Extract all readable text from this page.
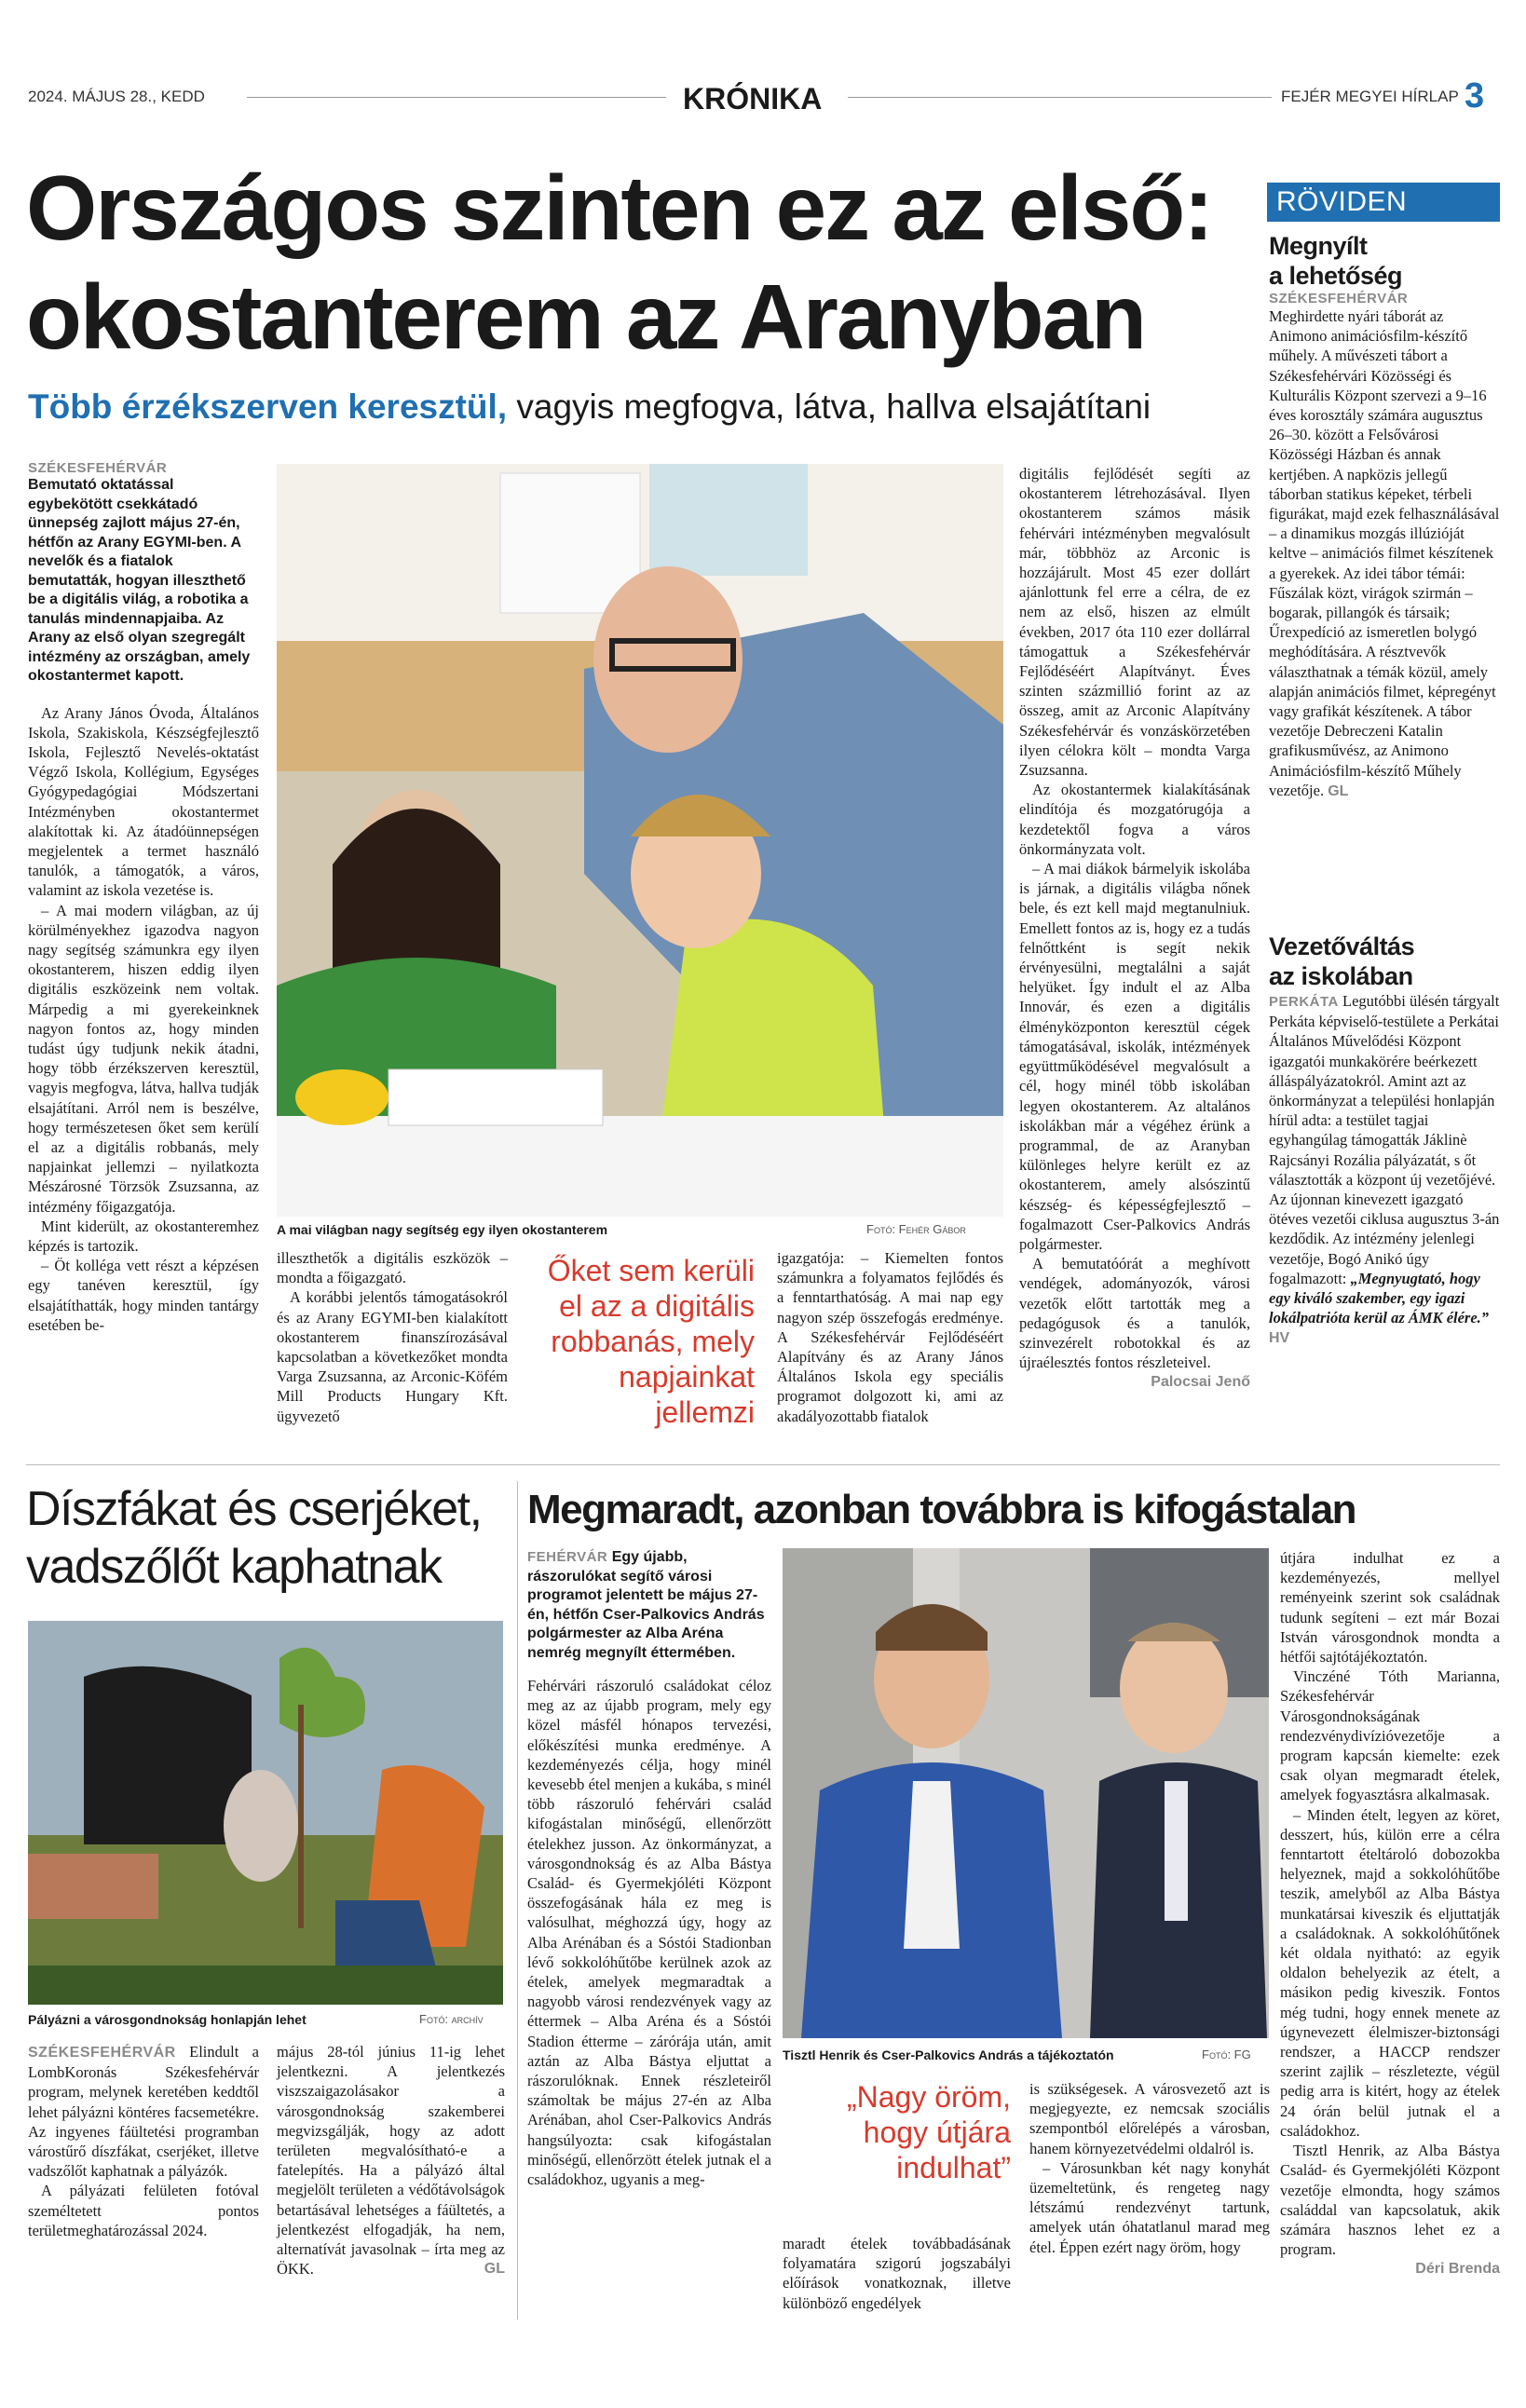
2024. MÁJUS 28., KEDD	KRÓNIKA	FEJÉR MEGYEI HÍRLAP 3
Országos szinten ez az első:
okostanterem az Aranyban
Több érzékszerven keresztül, vagyis megfogva, látva, hallva elsajátítani
SZÉKESFEHÉRVÁR
Bemutató oktatással egybekötött csekkátadó ünnepség zajlott május 27-én, hétfőn az Arany EGYMI-ben. A nevelők és a fiatalok bemutatták, hogyan illeszthető be a digitális világ, a robotika a tanulás mindennapjaiba. Az Arany az első olyan szegregált intézmény az országban, amely okostantermet kapott.

Az Arany János Óvoda, Általános Iskola, Szakiskola, Készségfejlesztő Iskola, Fejlesztő Nevelés-oktatást Végző Iskola, Kollégium, Egységes Gyógypedagógiai Módszertani Intézményben okostantermet alakítottak ki. Az átadóünnepségen megjelentek a termet használó tanulók, a támogatók, a város, valamint az iskola vezetése is.

– A mai modern világban, az új körülményekhez igazodva nagyon nagy segítség számunkra egy ilyen okostanterem, hiszen eddig ilyen digitális eszközeink nem voltak. Márpedig a mi gyerekeinknek nagyon fontos az, hogy minden tudást úgy tudjunk nekik átadni, hogy több érzékszerven keresztül, vagyis megfogva, látva, hallva tudják elsajátítani. Arról nem is beszélve, hogy természetesen őket sem kerülí el az a digitális robbanás, mely napjainkat jellemzi – nyilatkozta Mészárosné Törzsök Zsuzsanna, az intézmény főigazgatója.

Mint kiderült, az okostanteremhez képzés is tartozik.

– Öt kollégа vett részt a képzésen egy tanéven keresztül, így elsajátíthatták, hogy minden tantárgy esetében be-

A mai világban nagy segítség egy ilyen okostanterem	Fotó: Fehér Gábor

illeszthetők a digitális eszközök – mondta a főigazgató.

A korábbi jelentős támogatásokról és az Arany EGYMI-ben kialakított okostanterem finanszírozásával kapcsolatban a következőket mondta Varga Zsuzsanna, az Arconic-Köfém Mill Products Hungary Kft. ügyvezető

Őket sem kerüli el az a digitális robbanás, mely napjainkat jellemzi

igazgatója: – Kiemelten fontos számunkra a folyamatos fejlődés és a fenntarthatóság. A mai nap egy nagyon szép összefogás eredménye. A Székesfehérvár Fejlődéséért Alapítvány és az Arany János Általános Iskola egy speciális programot dolgozott ki, ami az akadályozottabb fiatalok

digitális fejlődését segíti az okostanterem létrehozásával. Ilyen okostanterem számos másik fehérvári intézményben megvalósult már, többhöz az Arconic is hozzájárult. Most 45 ezer dollárt ajánlottunk fel erre a célra, de ez nem az első, hiszen az elmúlt években, 2017 óta 110 ezer dollárral támogattuk a Székesfehérvár Fejlődéséért Alapítványt. Éves szinten százmillió forint az az összeg, amit az Arconic Alapítvány Székesfehérvár és vonzáskörzetében ilyen célokra költ – mondta Varga Zsuzsanna.

Az okostantermek kialakításának elindítója és mozgatórugója a kezdetektől fogva a város önkormányzata volt.

– A mai diákok bármelyik iskolába is járnak, a digitális világba nőnek bele, és ezt kell majd megtanulniuk. Emellett fontos az is, hogy ez a tudás felnőttként is segít nekik érvényesülni, megtalálni a saját helyüket. Így indult el az Alba Innovár, és ezen a digitális élményközponton keresztül cégek támogatásával, iskolák, intézmények együttműködésével megvalósult a cél, hogy minél több iskolában legyen okostanterem. Az altalános iskolákban már a végéhez érünk a programmal, de az Aranyban különleges helyre került ez az okostanterem, amely alsószintű készség- és képességfejlesztő – fogalmazott Cser-Palkovics András polgármester.

A bemutatóórát a meghívott vendégek, adományozók, városi vezetők előtt tartották meg a pedagógusok és a tanulók, szinvezérelt robotokkal és az újraélesztés fontos részleteivel.

Palocsai Jenő
RÖVIDEN
Megnyílt
a lehetőség
SZÉKESFEHÉRVÁR
Meghirdette nyári táborát az Animono animációsfilm-készítő műhely. A művészeti tábort a Székesfehérvári Közösségi és Kulturális Központ szervezi a 9–16 éves korosztály számára augusztus 26–30. között a Felsővárosi Közösségi Házban és annak kertjében. A napközis jellegű táborban statikus képeket, térbeli figurákat, majd ezek felhasználásával – a dinamikus mozgás illúzióját keltve – animációs filmet készítenek a gyerekek. Az idei tábor témái: Fűszálak közt, virágok szirmán – bogarak, pillangók és társaik; Űrexpedíció az ismeretlen bolygó meghódítására. A résztvevők választhatnak a témák közül, amely alapján animációs filmet, képregényt vagy grafikát készítenek. A tábor vezetője Debreczeni Katalin grafikusművész, az Animono Animációsfilm-készítő Műhely vezetője. GL
Vezetőváltás
az iskolában
PERKÁTA Legutóbbi ülésén tárgyalt Perkáta képviselő-testülete a Perkátai Általános Művelődési Központ igazgatói munkakörére beérkezett álláspályázatokról. Amint azt az önkormányzat a települési honlapján hírül adta: a testület tagjai egyhangúlag támogatták Jáklinè Rajcsányi Rozália pályázatát, s őt választották a központ új vezetőjévé. Az újonnan kinevezett igazgató ötéves vezetői ciklusa augusztus 3-án kezdődik. Az intézmény jelenlegi vezetője, Bogó Anikó úgy fogalmazott: „Megnyugtató, hogy egy kiváló szakember, egy igazi lokálpatrióta kerül az ÁMK élére.” HV
Díszfákat és cserjéket,
vadszőlőt kaphatnak
Pályázni a városgondnokság honlapján lehet	Fotó: archív

SZÉKESFEHÉRVÁR Elindult a LombKoronás Székesfehérvár program, melynek keretében keddtől lehet pályázni köntéres facsemetékre. Az ingyenes fáültetési programban várostűrő díszfákat, cserjéket, illetve vadszőlőt kaphatnak a pályázók.

A pályázati felületen fotóval személtetett pontos területmeghatározással 2024.

május 28-tól június 11-ig lehet jelentkezni. A jelentkezés viszszaigazolásakor a városgondnokság szakemberei megvizsgálják, hogy az adott területen megvalósítható-e a fatelepítés. Ha a pályázó által megjelölt területen a védőtávolságok betartásával lehetséges a fáültetés, a jelentkezést elfogadják, ha nem, alternatívát javasolnak – írta meg az ÖKK.	GL

Megmaradt, azonban továbbra is kifogástalan
FEHÉRVÁR Egy újabb, rászorulókat segítő városi programot jelentett be május 27-én, hétfőn Cser-Palkovics András polgármester az Alba Aréna nemrég megnyílt éttermében.

Fehérvári rászoruló családokat céloz meg az az újabb program, mely egy közel másfél hónapos tervezési, előkészítési munka eredménye. A kezdeményezés célja, hogy minél kevesebb étel menjen a kukába, s minél több rászoruló fehérvári család kifogástalan minőségű, ellenőrzött ételekhez jusson. Az önkormányzat, a városgondnokság és az Alba Bástya Család- és Gyermekjóléti Központ összefogásának hála ez meg is valósulhat, méghozzá úgy, hogy az Alba Arénában és a Sóstói Stadionban lévő sokkolóhűtőbe kerülnek azok az ételek, amelyek megmaradtak a nagyobb városi rendezvények vagy az éttermek – Alba Aréna és a Sóstói Stadion étterme – zárórája után, amit aztán az Alba Bástya eljuttat a rászorulóknak. Ennek részleteiről számoltak be május 27-én az Alba Arénában, ahol Cser-Palkovics András hangsúlyozta: csak kifogástalan minőségű, ellenőrzött ételek jutnak el a családokhoz, ugyanis a meg-

Tisztl Henrik és Cser-Palkovics András a tájékoztatón	Fotó: FG
„Nagy öröm, hogy útjára indulhat”

maradt ételek továbbadásának folyamatára szigorú jogszabályi előírások vonatkoznak, illetve különböző engedélyek

is szükségesek. A városvezető azt is megjegyezte, ez nemcsak szociális szempontból előrelépés a városban, hanem környezetvédelmi oldalról is.

– Városunkban két nagy konyhát üzemeltetünk, és rengeteg nagy létszámú rendezvényt tartunk, amelyek után óhatatlanul marad meg étel. Éppen ezért nagy öröm, hogy

útjára indulhat ez a kezdeményezés, mellyel reményeink szerint sok családnak tudunk segíteni – ezt már Bozai István városgondnok mondta a hétfői sajtótájékoztatón.

Vinczéné Tóth Marianna, Székesfehérvár Városgondnokságának rendezvénydivízióvezetője a program kapcsán kiemelte: ezek csak olyan megmaradt ételek, amelyek fogyasztásra alkalmasak.

– Minden ételt, legyen az köret, desszert, hús, külön erre a célra fenntartott ételtároló dobozokba helyeznek, majd a sokkolóhűtőbe teszik, amelyből az Alba Bástya munkatársai kiveszik és eljuttatják a családoknak. A sokkolóhűtőnek két oldala nyitható: az egyik oldalon behelyezik az ételt, a másikon pedig kiveszik. Fontos még tudni, hogy ennek menete az úgynevezett élelmiszer-biztonsági rendszer, a HACCP rendszer szerint zajlik – részletezte, végül pedig arra is kitért, hogy az ételek 24 órán belül jutnak el a családokhoz.

Tisztl Henrik, az Alba Bástya Család- és Gyermekjóléti Központ vezetője elmondta, hogy számos családdal van kapcsolatuk, akik számára hasznos lehet ez a program.

Déri Brenda
